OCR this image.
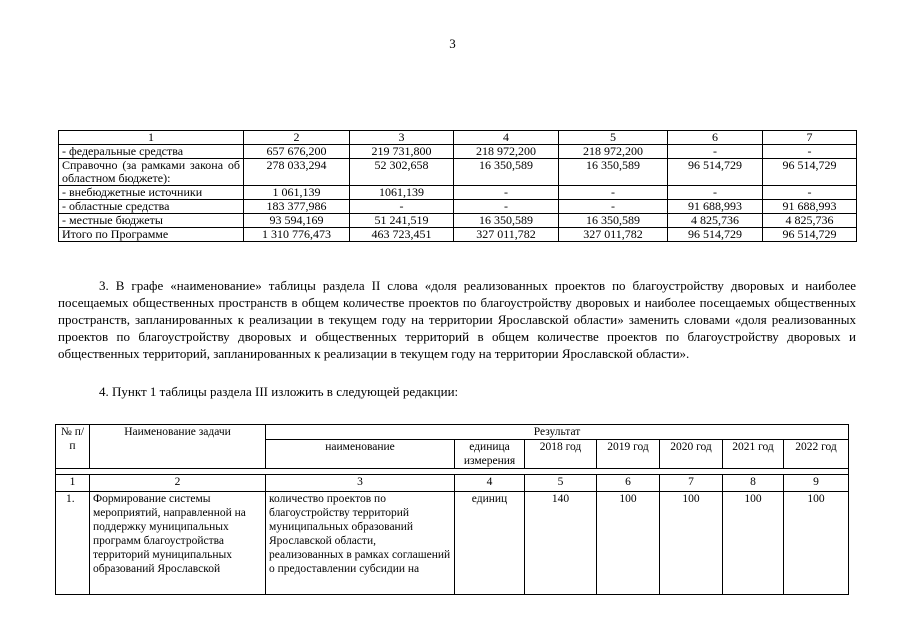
3
1	2	3	4	5	6	7
- федеральные средства	657 676,200	219 731,800	218 972,200	218 972,200	-	-
Справочно (за рамками закона об областном бюджете):	278 033,294	52 302,658	16 350,589	16 350,589	96 514,729	96 514,729
- внебюджетные источники	1 061,139	1061,139	-	-	-	-
- областные средства	183 377,986	-	-	-	91 688,993	91 688,993
- местные бюджеты	93 594,169	51 241,519	16 350,589	16 350,589	4 825,736	4 825,736
Итого по Программе	1 310 776,473	463 723,451	327 011,782	327 011,782	96 514,729	96 514,729

3. В графе «наименование» таблицы раздела II слова «доля реализованных проектов по благоустройству дворовых и наиболее посещаемых общественных пространств в общем количестве проектов по благоустройству дворовых и наиболее посещаемых общественных пространств, запланированных к реализации в текущем году на территории Ярославской области» заменить словами «доля реализованных проектов по благоустройству дворовых и общественных территорий в общем количестве проектов по благоустройству дворовых и общественных территорий, запланированных к реализации в текущем году на территории Ярославской области».

4. Пункт 1 таблицы раздела III изложить в следующей редакции:

№ п/п	Наименование задачи	Результат						
		наименование	единица измерения	2018 год	2019 год	2020 год	2021 год	2022 год

1	2	3	4	5	6	7	8	9
1.	Формирование системы мероприятий, направленной на поддержку муниципальных программ благоустройства территорий муниципальных образований Ярославской	количество проектов по благоустройству территорий муниципальных образований Ярославской области, реализованных в рамках соглашений о предоставлении субсидии на	единиц	140	100	100	100	100
